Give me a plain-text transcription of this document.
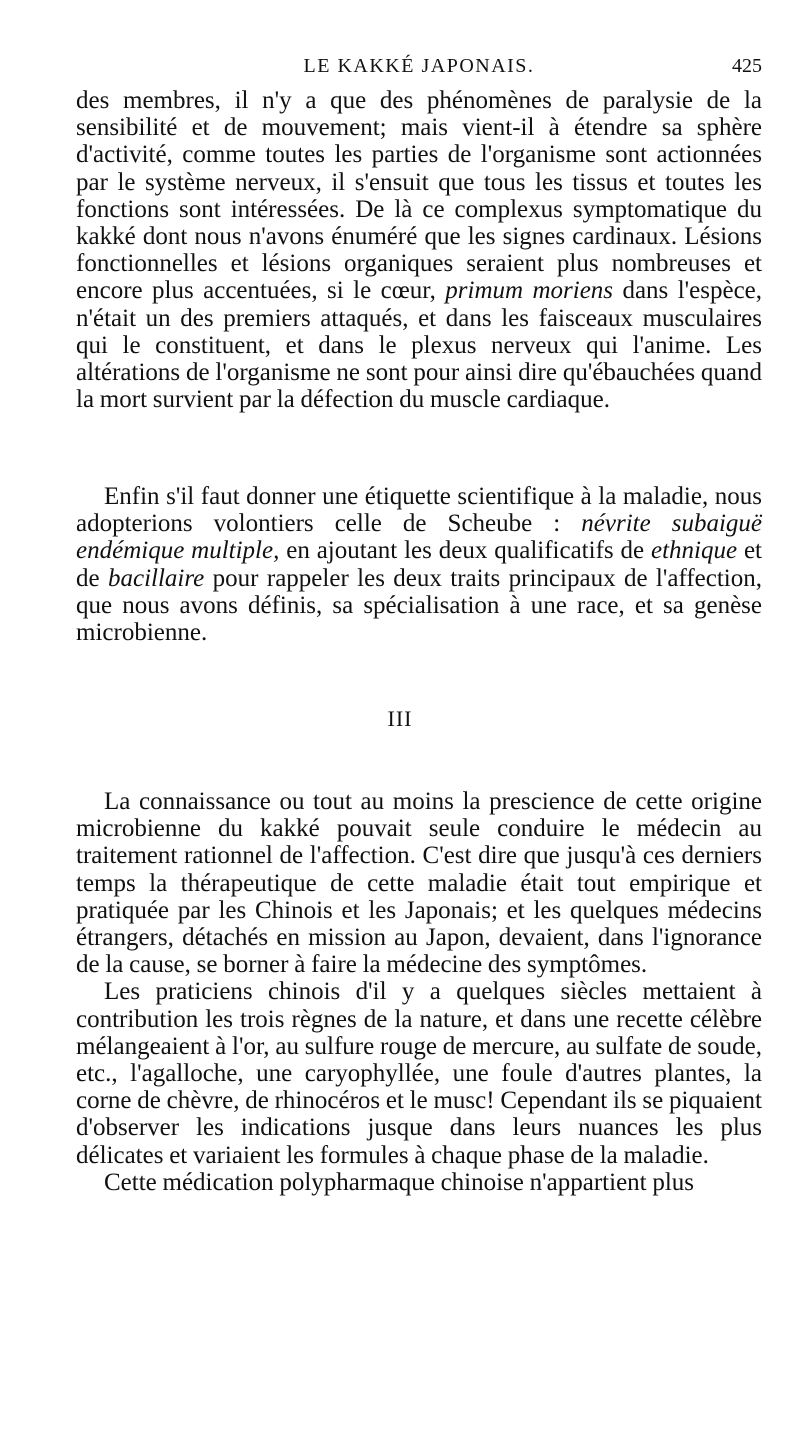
LE KAKKÉ JAPONAIS.	425

des membres, il n'y a que des phénomènes de paralysie de la sensibilité et de mouvement; mais vient-il à étendre sa sphère d'activité, comme toutes les parties de l'organisme sont actionnées par le système nerveux, il s'ensuit que tous les tissus et toutes les fonctions sont intéressées. De là ce complexus symptomatique du kakké dont nous n'avons énuméré que les signes cardinaux. Lésions fonctionnelles et lésions organiques seraient plus nombreuses et encore plus accentuées, si le cœur, primum moriens dans l'espèce, n'était un des premiers attaqués, et dans les faisceaux musculaires qui le constituent, et dans le plexus nerveux qui l'anime. Les altérations de l'organisme ne sont pour ainsi dire qu'ébauchées quand la mort survient par la défection du muscle cardiaque.

Enfin s'il faut donner une étiquette scientifique à la maladie, nous adopterions volontiers celle de Scheube : névrite subaiguë endémique multiple, en ajoutant les deux qualificatifs de ethnique et de bacillaire pour rappeler les deux traits principaux de l'affection, que nous avons définis, sa spécialisation à une race, et sa genèse microbienne.

III

La connaissance ou tout au moins la prescience de cette origine microbienne du kakké pouvait seule conduire le médecin au traitement rationnel de l'affection. C'est dire que jusqu'à ces derniers temps la thérapeutique de cette maladie était tout empirique et pratiquée par les Chinois et les Japonais; et les quelques médecins étrangers, détachés en mission au Japon, devaient, dans l'ignorance de la cause, se borner à faire la médecine des symptômes.

Les praticiens chinois d'il y a quelques siècles mettaient à contribution les trois règnes de la nature, et dans une recette célèbre mélangeaient à l'or, au sulfure rouge de mercure, au sulfate de soude, etc., l'agalloche, une caryophyllée, une foule d'autres plantes, la corne de chèvre, de rhinocéros et le musc! Cependant ils se piquaient d'observer les indications jusque dans leurs nuances les plus délicates et variaient les formules à chaque phase de la maladie.

Cette médication polypharmaque chinoise n'appartient plus
